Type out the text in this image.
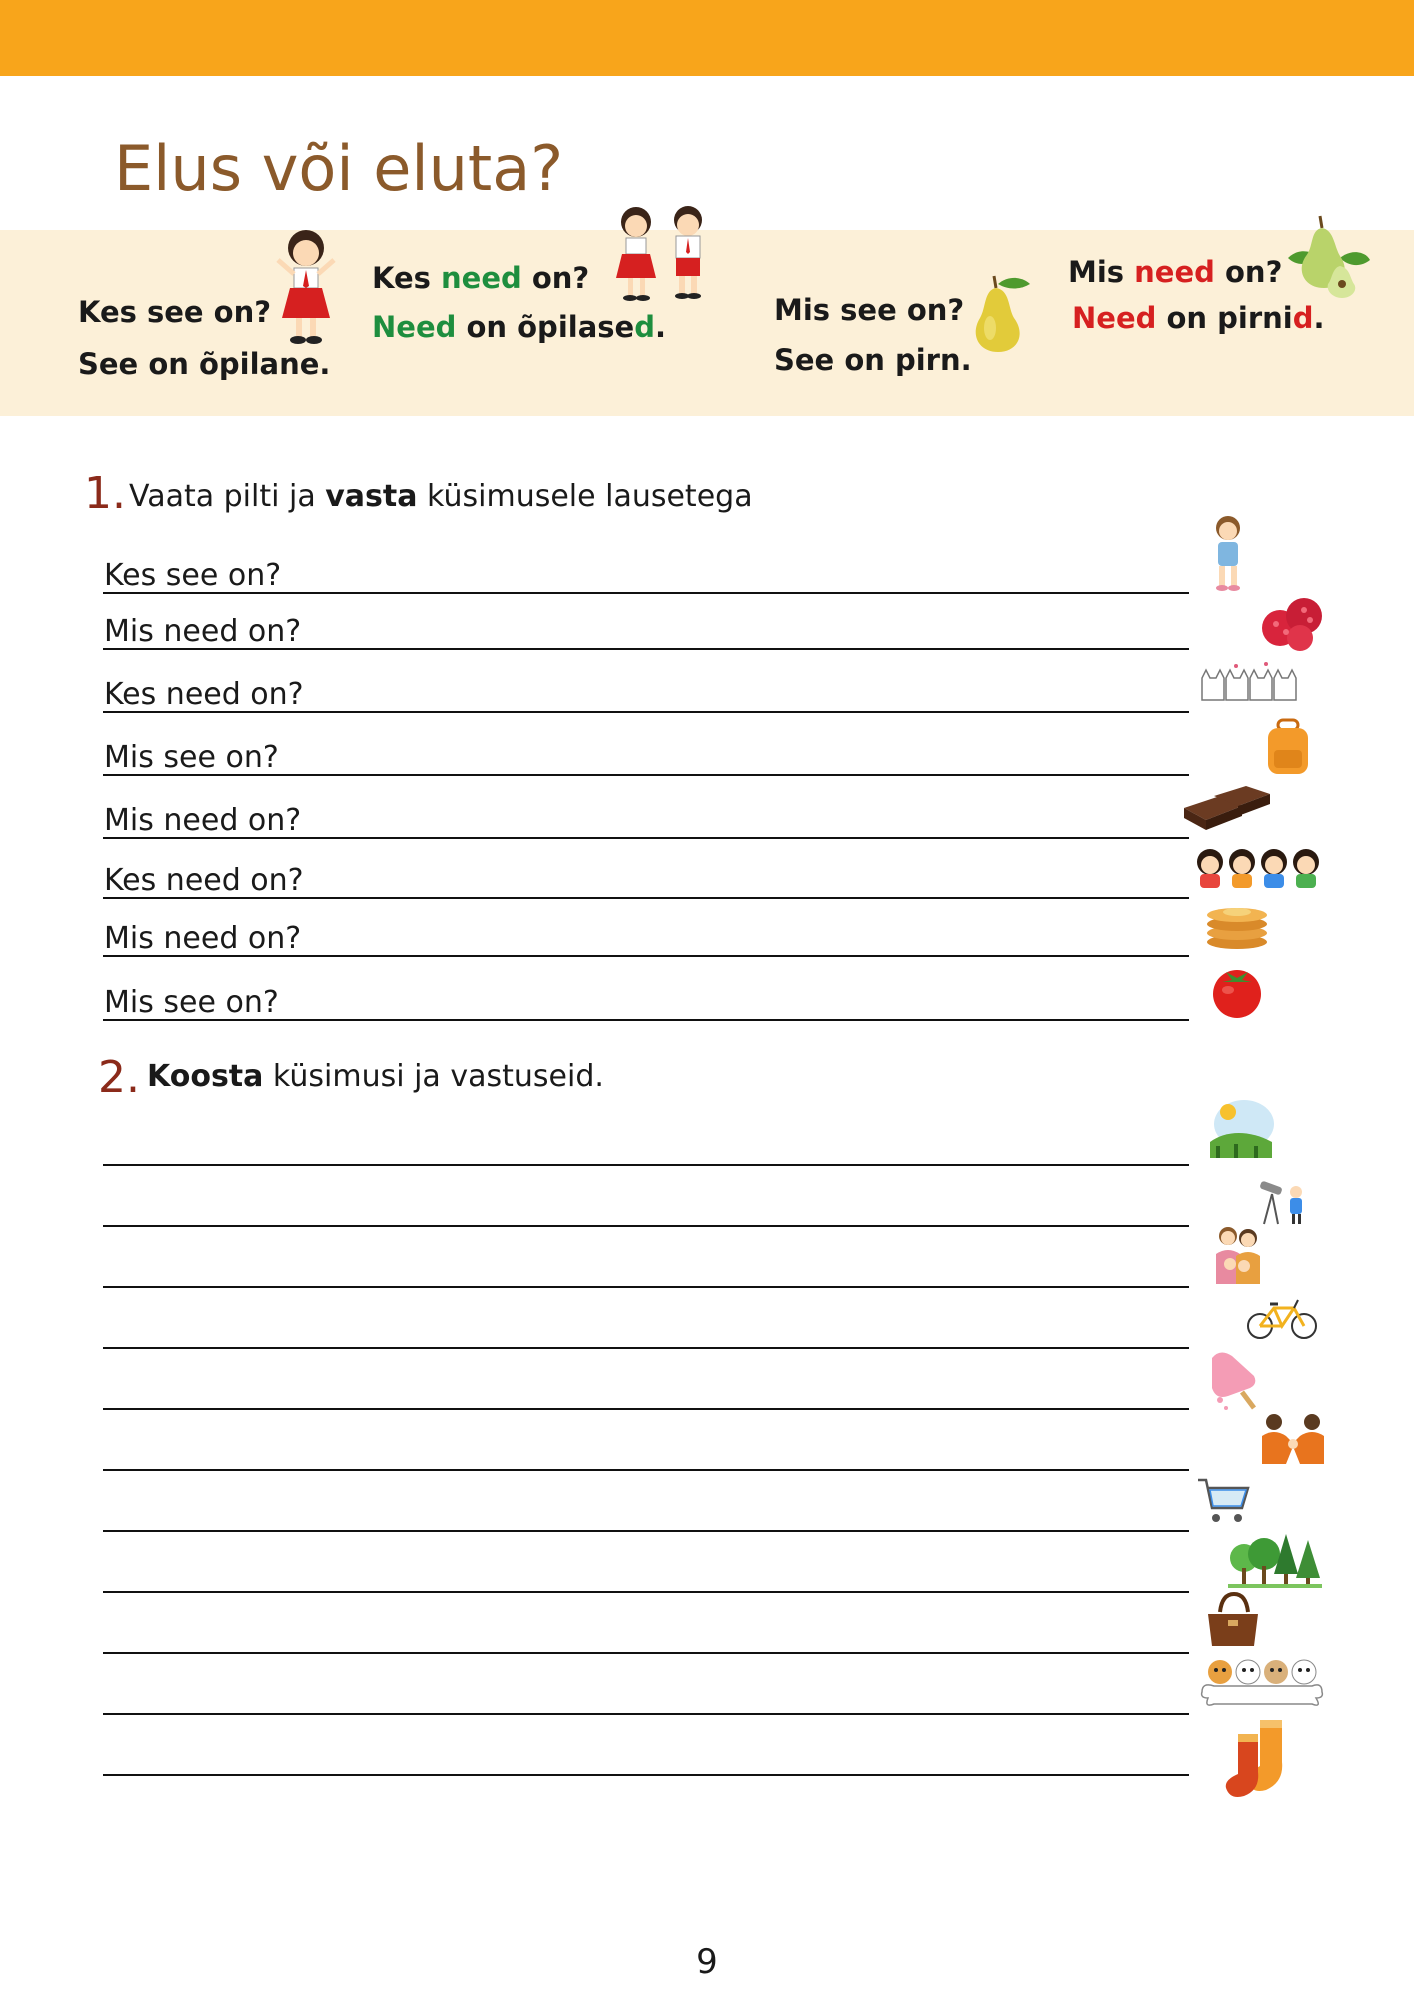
Elus või eluta?
Kes see on?
See on õpilane.
Kes need on?
Need on õpilased.	Mis see on?
See on pirn.
Mis need on?
Need on pirnid.
1. Vaata pilti ja vasta küsimusele lausetega
Kes see on?
Mis need on?
Kes need on?
Mis see on?
Mis need on?
Kes need on?
Mis need on?
Mis see on?
2. Koosta küsimusi ja vastuseid.
9
